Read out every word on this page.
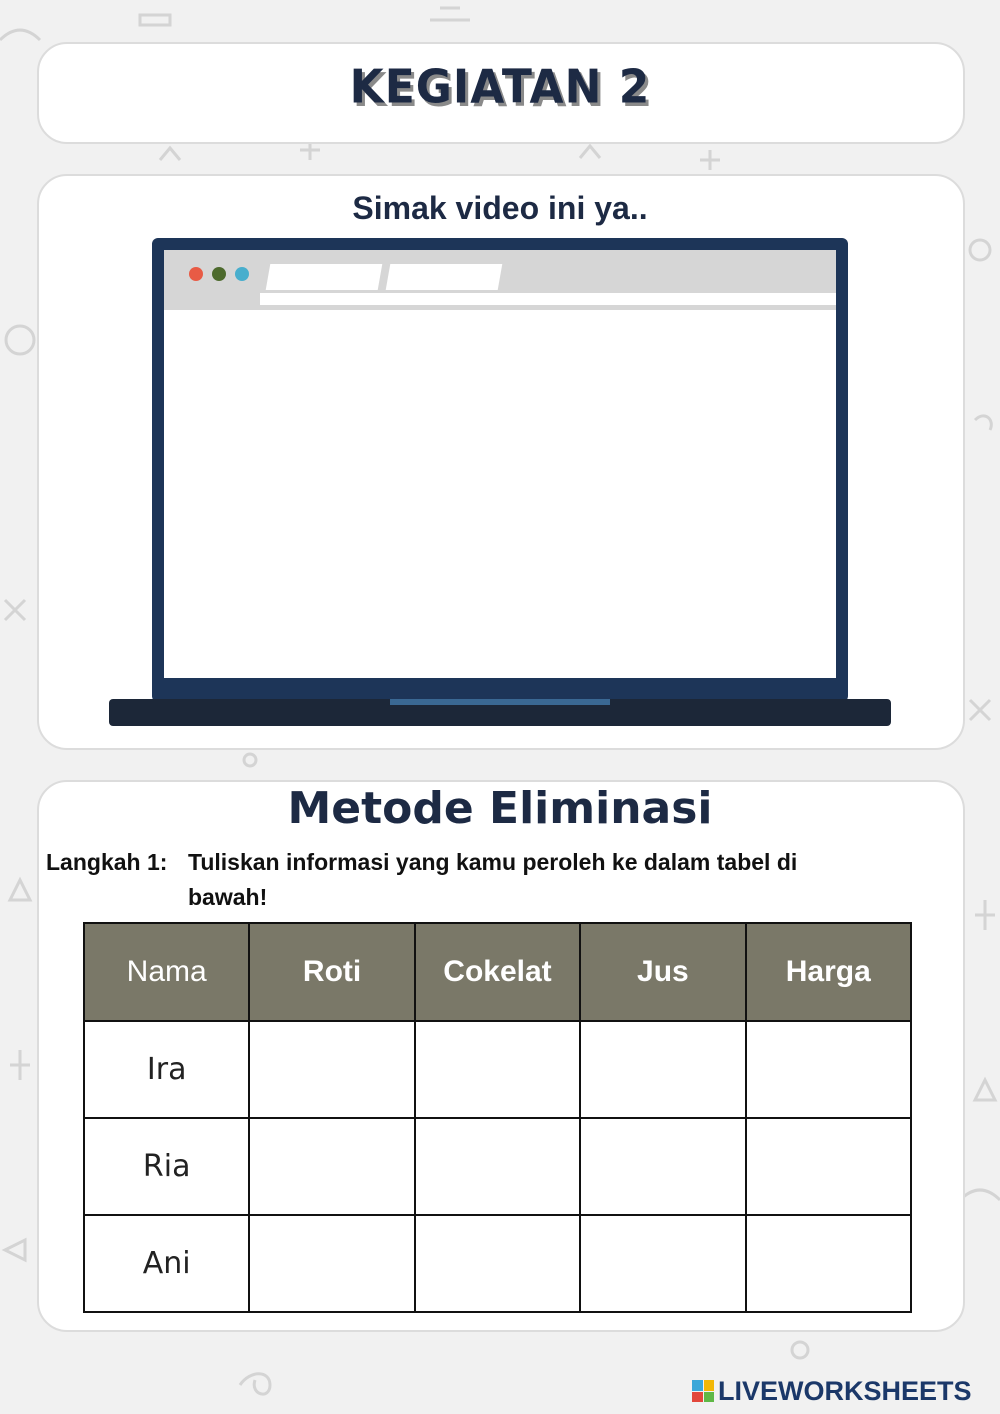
KEGIATAN 2
Simak video ini ya..
Metode Eliminasi
Langkah 1: Tuliskan informasi yang kamu peroleh ke dalam tabel di
bawah!
Nama	Roti	Cokelat	Jus	Harga
Ira				
Ria				
Ani				
LIVEWORKSHEETS
